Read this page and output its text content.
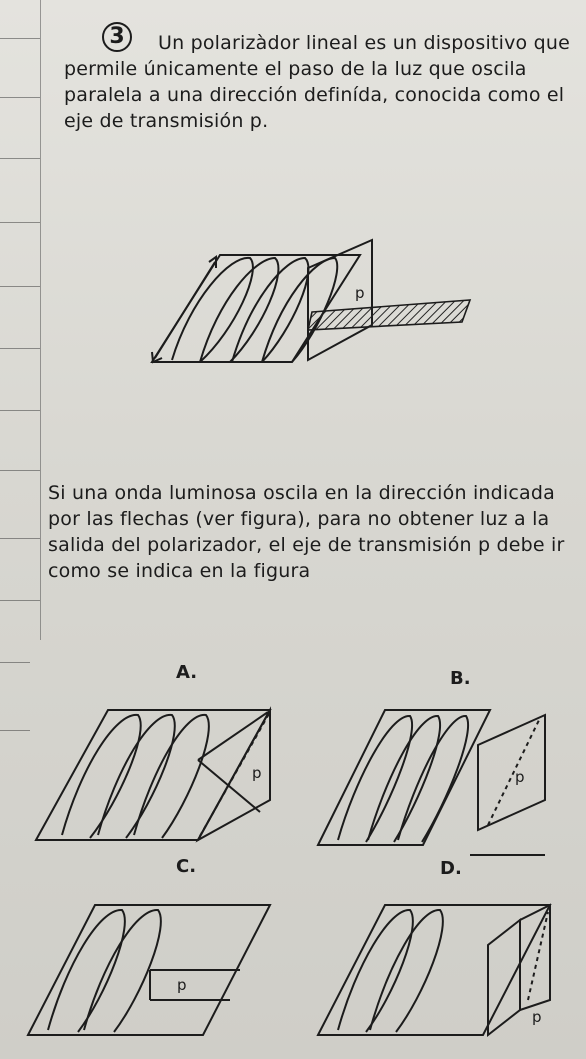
3	Un polarizàdor lineal es un dispositivo que permile únicamente el paso de la luz que oscila paralela a una dirección definída, conocida como el eje de transmisión p.
p
Si una onda luminosa oscila en la dirección indicada por las flechas (ver figura), para no obtener luz a la salida del polarizador, el eje de transmisión p debe ir como se indica en la figura
A.	B.
C.	D.
p	p
p
p
